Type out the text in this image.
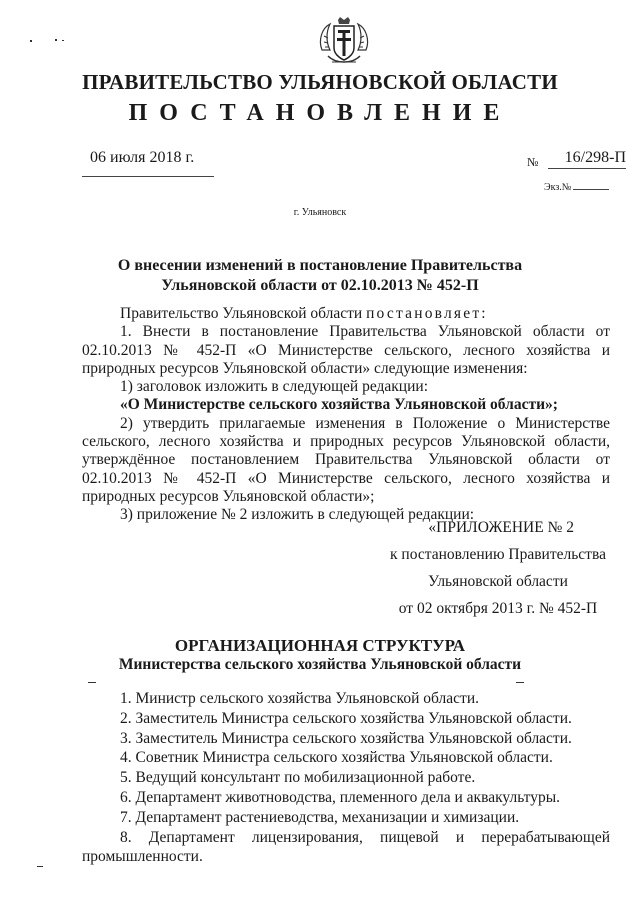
ПРАВИТЕЛЬСТВО УЛЬЯНОВСКОЙ ОБЛАСТИ
ПОСТАНОВЛЕНИЕ
06 июля 2018 г.	№	16/298-П
Экз.№
г. Ульяновск
О внесении изменений в постановление Правительства
Ульяновской области от 02.10.2013 № 452-П

Правительство Ульяновской области постановляет:

1. Внести в постановление Правительства Ульяновской области от 02.10.2013 № 452-П «О Министерстве сельского, лесного хозяйства и природных ресурсов Ульяновской области» следующие изменения:

1) заголовок изложить в следующей редакции:

«О Министерстве сельского хозяйства Ульяновской области»;

2) утвердить прилагаемые изменения в Положение о Министерстве сельского, лесного хозяйства и природных ресурсов Ульяновской области, утверждённое постановлением Правительства Ульяновской области от 02.10.2013 № 452-П «О Министерстве сельского, лесного хозяйства и природных ресурсов Ульяновской области»;

3) приложение № 2 изложить в следующей редакции:

«ПРИЛОЖЕНИЕ № 2
к постановлению Правительства
Ульяновской области
от 02 октября 2013 г. № 452-П
ОРГАНИЗАЦИОННАЯ СТРУКТУРА
Министерства сельского хозяйства Ульяновской области

1. Министр сельского хозяйства Ульяновской области.

2. Заместитель Министра сельского хозяйства Ульяновской области.

3. Заместитель Министра сельского хозяйства Ульяновской области.

4. Советник Министра сельского хозяйства Ульяновской области.

5. Ведущий консультант по мобилизационной работе.

6. Департамент животноводства, племенного дела и аквакультуры.

7. Департамент растениеводства, механизации и химизации.

8. Департамент лицензирования, пищевой и перерабатывающей промышленности.
